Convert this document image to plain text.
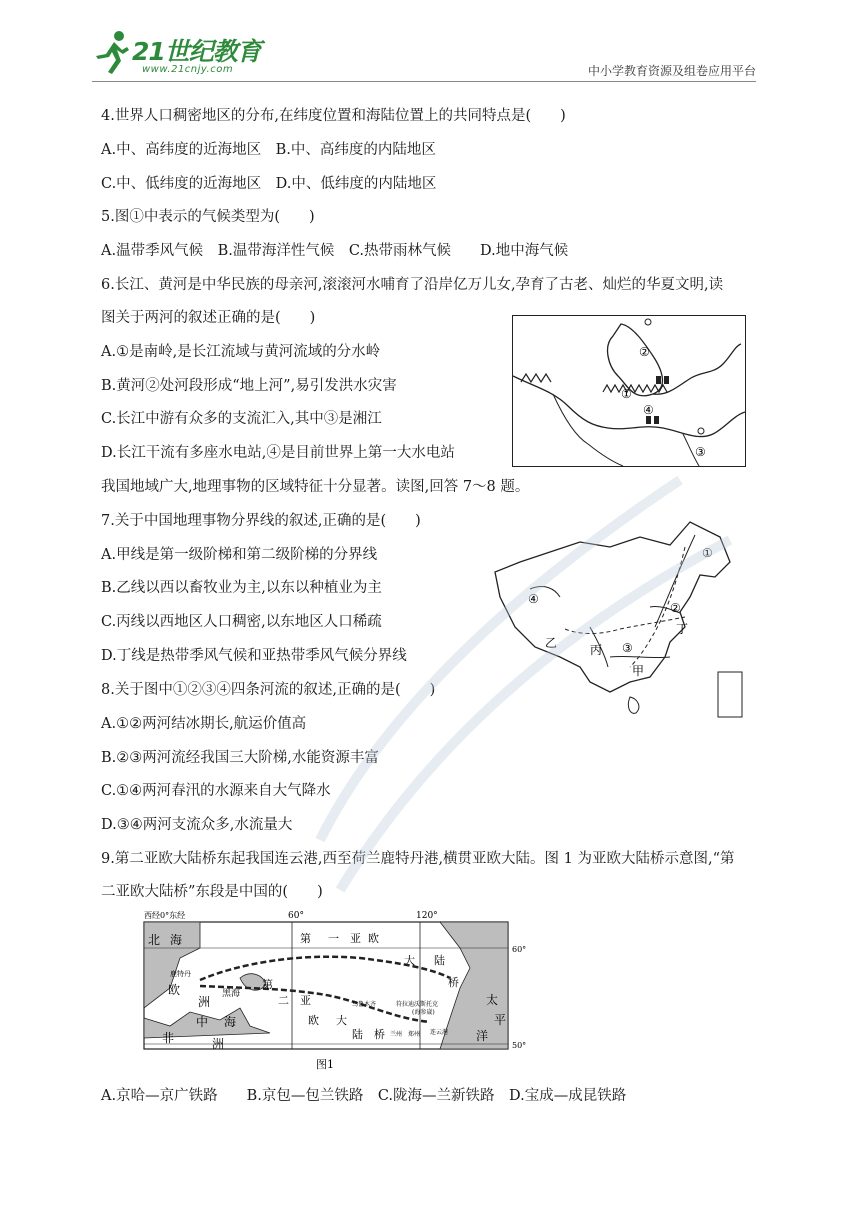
21世纪教育
www.21cnjy.com	中小学教育资源及组卷应用平台
4.世界人口稠密地区的分布,在纬度位置和海陆位置上的共同特点是(　　)
A.中、高纬度的近海地区　B.中、高纬度的内陆地区
C.中、低纬度的近海地区　D.中、低纬度的内陆地区
5.图①中表示的气候类型为(　　)
A.温带季风气候　B.温带海洋性气候　C.热带雨林气候　　D.地中海气候
6.长江、黄河是中华民族的母亲河,滚滚河水哺育了沿岸亿万儿女,孕育了古老、灿烂的华夏文明,读
图关于两河的叙述正确的是(　　)
A.①是南岭,是长江流域与黄河流域的分水岭
B.黄河②处河段形成“地上河”,易引发洪水灾害
C.长江中游有众多的支流汇入,其中③是湘江
D.长江干流有多座水电站,④是目前世界上第一大水电站
②
①
④
③
我国地域广大,地理事物的区域特征十分显著。读图,回答 7～8 题。
7.关于中国地理事物分界线的叙述,正确的是(　　)
A.甲线是第一级阶梯和第二级阶梯的分界线
B.乙线以西以畜牧业为主,以东以种植业为主
C.丙线以西地区人口稠密,以东地区人口稀疏
D.丁线是热带季风气候和亚热带季风气候分界线
①
④
②
丁
乙	丙 ③
甲
8.关于图中①②③④四条河流的叙述,正确的是(　　)
A.①②两河结冰期长,航运价值高
B.②③两河流经我国三大阶梯,水能资源丰富
C.①④两河春汛的水源来自大气降水
D.③④两河支流众多,水流量大
9.第二亚欧大陆桥东起我国连云港,西至荷兰鹿特丹港,横贯亚欧大陆。图 1 为亚欧大陆桥示意图,“第
二亚欧大陆桥”东段是中国的(　　)
西经0°东经	60°	120°
60°
50°
北 海	第 一 亚 欧
大 陆
桥
鹿特丹
欧
洲
黑海
第
二 亚
欧 大
陆 桥
乌鲁木齐	符拉迪沃斯托克
(海参崴)
太
平
洋
中 海
非	洲
兰州 郑州 连云港
图1
A.京哈—京广铁路　　B.京包—包兰铁路　C.陇海—兰新铁路　D.宝成—成昆铁路
